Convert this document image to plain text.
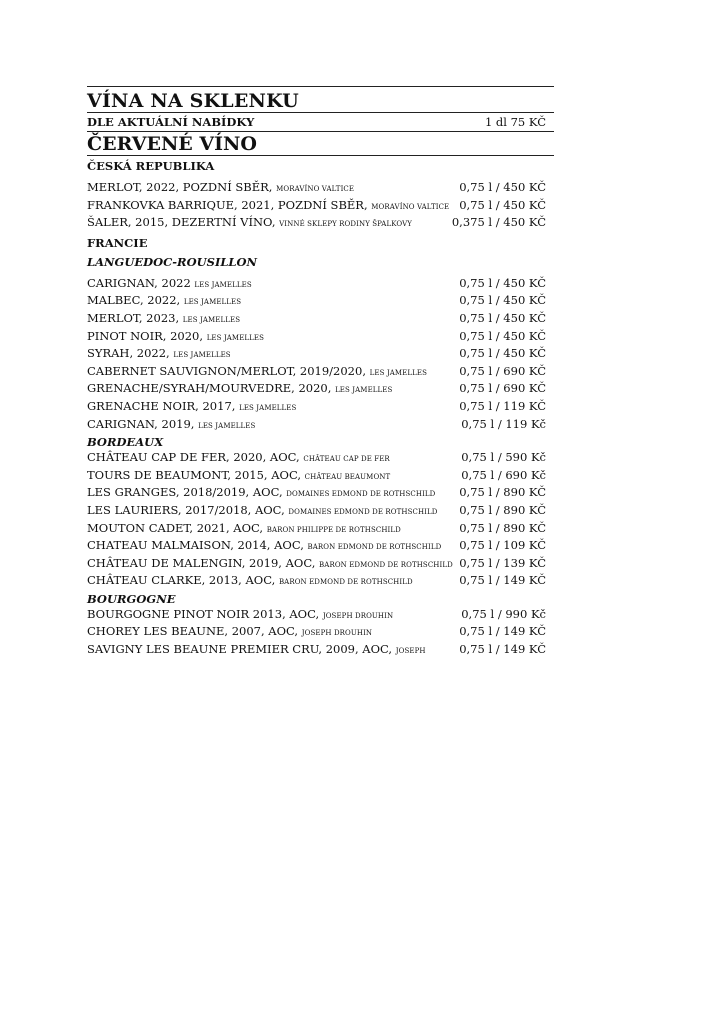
VÍNA NA SKLENKU
DLE AKTUÁLNÍ NABÍDKY	1 dl 75 KČ
ČERVENÉ VÍNO
ČESKÁ REPUBLIKA
MERLOT, 2022, POZDNÍ SBĚR, MORAVÍNO VALTICE	0,75 l / 450 KČ
FRANKOVKA BARRIQUE, 2021, POZDNÍ SBĚR, MORAVÍNO VALTICE 0,75 l / 450 KČ
ŠALER, 2015, DEZERTNÍ VÍNO, VINNÉ SKLEPY RODINY ŠPALKOVY	0,375 l / 450 KČ
FRANCIE
LANGUEDOC-ROUSILLON
CARIGNAN, 2022 LES JAMELLES	0,75 l / 450 KČ
MALBEC, 2022, LES JAMELLES	0,75 l / 450 KČ
MERLOT, 2023, LES JAMELLES	0,75 l / 450 KČ
PINOT NOIR, 2020, LES JAMELLES	0,75 l / 450 KČ
SYRAH, 2022, LES JAMELLES	0,75 l / 450 KČ
CABERNET SAUVIGNON/MERLOT, 2019/2020, LES JAMELLES	0,75 l / 690 KČ
GRENACHE/SYRAH/MOURVEDRE, 2020, LES JAMELLES	0,75 l / 690 KČ
GRENACHE NOIR, 2017, LES JAMELLES	0,75 l / 119 KČ
CARIGNAN, 2019, LES JAMELLES	0,75 l / 119 Kč
BORDEAUX
CHÂTEAU CAP DE FER, 2020, AOC, CHÂTEAU CAP DE FER	0,75 l / 590 Kč
TOURS DE BEAUMONT, 2015, AOC, CHÂTEAU BEAUMONT	0,75 l / 690 Kč
LES GRANGES, 2018/2019, AOC, DOMAINES EDMOND DE ROTHSCHILD 0,75 l / 890 KČ
LES LAURIERS, 2017/2018, AOC, DOMAINES EDMOND DE ROTHSCHILD 0,75 l / 890 KČ
MOUTON CADET, 2021, AOC, BARON PHILIPPE DE ROTHSCHILD	0,75 l / 890 KČ
CHATEAU MALMAISON, 2014, AOC, BARON EDMOND DE ROTHSCHILD 0,75 l / 109 KČ
CHÂTEAU DE MALENGIN, 2019, AOC, BARON EDMOND DE ROTHSCHILD 0,75 l / 139 KČ
CHÂTEAU CLARKE, 2013, AOC, BARON EDMOND DE ROTHSCHILD	0,75 l / 149 KČ
BOURGOGNE
BOURGOGNE PINOT NOIR 2013, AOC, JOSEPH DROUHIN	0,75 l / 990 Kč
CHOREY LES BEAUNE, 2007, AOC, JOSEPH DROUHIN	0,75 l / 149 KČ
SAVIGNY LES BEAUNE PREMIER CRU, 2009, AOC, JOSEPH	0,75 l / 149 KČ
